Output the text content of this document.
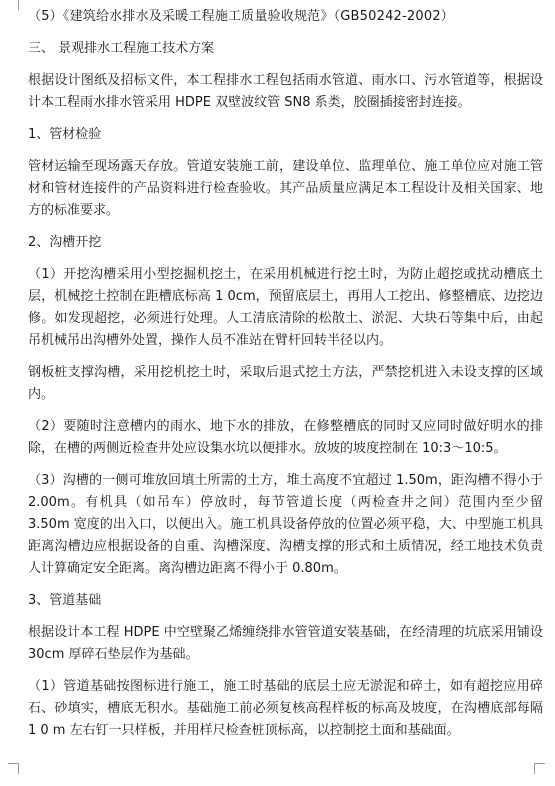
（5）《建筑给水排水及采暖工程施工质量验收规范》（GB50242-2002）
三、 景观排水工程施工技术方案

根据设计图纸及招标文件，本工程排水工程包括雨水管道、雨水口、污水管道等，根据设计本工程雨水排水管采用 HDPE 双壁波纹管 SN8 系类，胶圈插接密封连接。

1、管材检验

管材运输至现场露天存放。管道安装施工前，建设单位、监理单位、施工单位应对施工管材和管材连接件的产品资料进行检查验收。其产品质量应满足本工程设计及相关国家、地方的标准要求。

2、沟槽开挖

（1）开挖沟槽采用小型挖掘机挖土，在采用机械进行挖土时，为防止超挖或扰动槽底土层，机械挖土控制在距槽底标高 1 0cm，预留底层土，再用人工挖出、修整槽底、边挖边修。如发现超挖，必须进行处理。人工清底清除的松散土、淤泥、大块石等集中后，由起吊机械吊出沟槽外处置，操作人员不准站在臂杆回转半径以内。

钢板桩支撑沟槽，采用挖机挖土时，采取后退式挖土方法，严禁挖机进入未设支撑的区域内。

（2）要随时注意槽内的雨水、地下水的排放，在修整槽底的同时又应同时做好明水的排除，在槽的两侧近检查井处应设集水坑以便排水。放坡的坡度控制在 10:3～10:5。

（3）沟槽的一侧可堆放回填土所需的土方，堆土高度不宜超过 1.50m，距沟槽不得小于 2.00m。有机具（如吊车）停放时，每节管道长度（两检查井之间）范围内至少留 3.50m 宽度的出入口，以便出入。施工机具设备停放的位置必须平稳，大、中型施工机具距离沟槽边应根据设备的自重、沟槽深度、沟槽支撑的形式和土质情况，经工地技术负责人计算确定安全距离。离沟槽边距离不得小于 0.80m。

3、管道基础

根据设计本工程 HDPE 中空壁聚乙烯缠绕排水管管道安装基础，在经清理的坑底采用铺设 30cm 厚碎石垫层作为基础。

（1）管道基础按图标进行施工，施工时基础的底层土应无淤泥和碎土，如有超挖应用碎石、砂填实，槽底无积水。基础施工前必须复核高程样板的标高及坡度，在沟槽底部每隔 1 0 m 左右钉一只样板，并用样尺检查桩顶标高，以控制挖土面和基础面。
